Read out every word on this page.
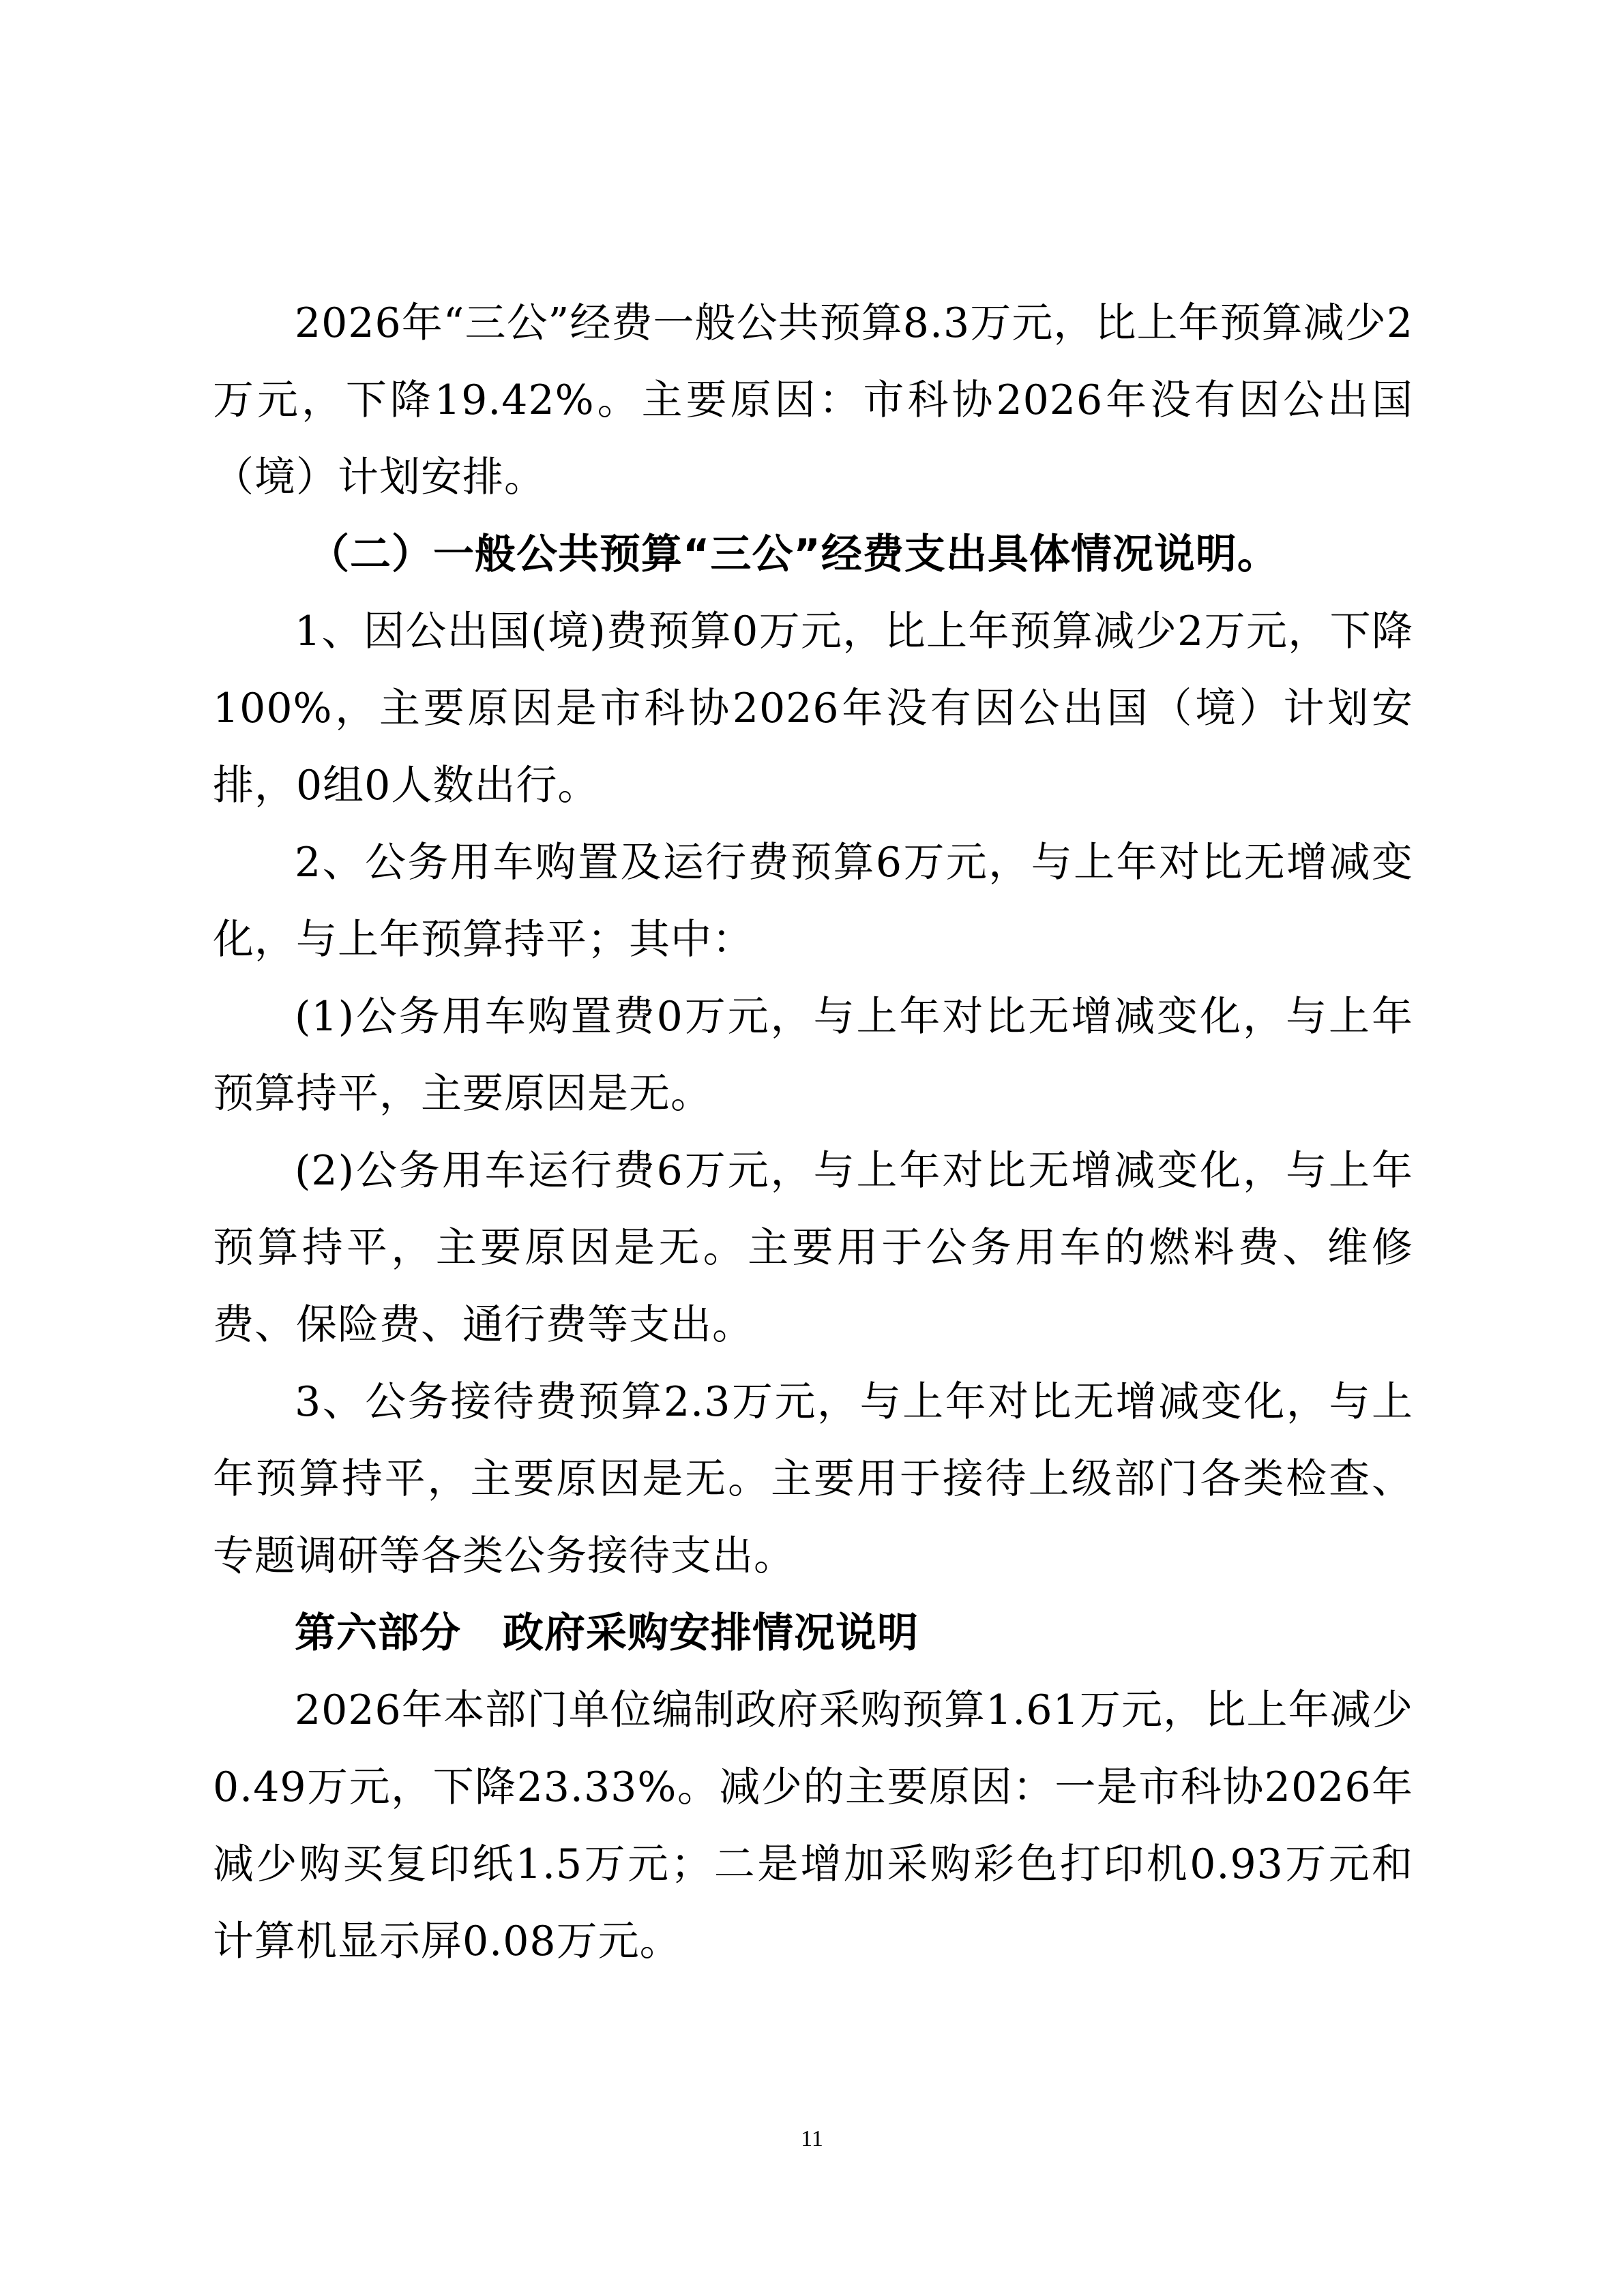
2026年“三公”经费一般公共预算8.3万元，比上年预算减少2万元，下降19.42%。主要原因：市科协2026年没有因公出国（境）计划安排。

（二）一般公共预算“三公”经费支出具体情况说明。

1、因公出国(境)费预算0万元，比上年预算减少2万元，下降100%，主要原因是市科协2026年没有因公出国（境）计划安排，0组0人数出行。

2、公务用车购置及运行费预算6万元，与上年对比无增减变化，与上年预算持平；其中：

(1)公务用车购置费0万元，与上年对比无增减变化，与上年预算持平，主要原因是无。

(2)公务用车运行费6万元，与上年对比无增减变化，与上年预算持平，主要原因是无。主要用于公务用车的燃料费、维修费、保险费、通行费等支出。

3、公务接待费预算2.3万元，与上年对比无增减变化，与上年预算持平，主要原因是无。主要用于接待上级部门各类检查、专题调研等各类公务接待支出。

第六部分　政府采购安排情况说明

2026年本部门单位编制政府采购预算1.61万元，比上年减少0.49万元，下降23.33%。减少的主要原因：一是市科协2026年减少购买复印纸1.5万元；二是增加采购彩色打印机0.93万元和计算机显示屏0.08万元。

11
